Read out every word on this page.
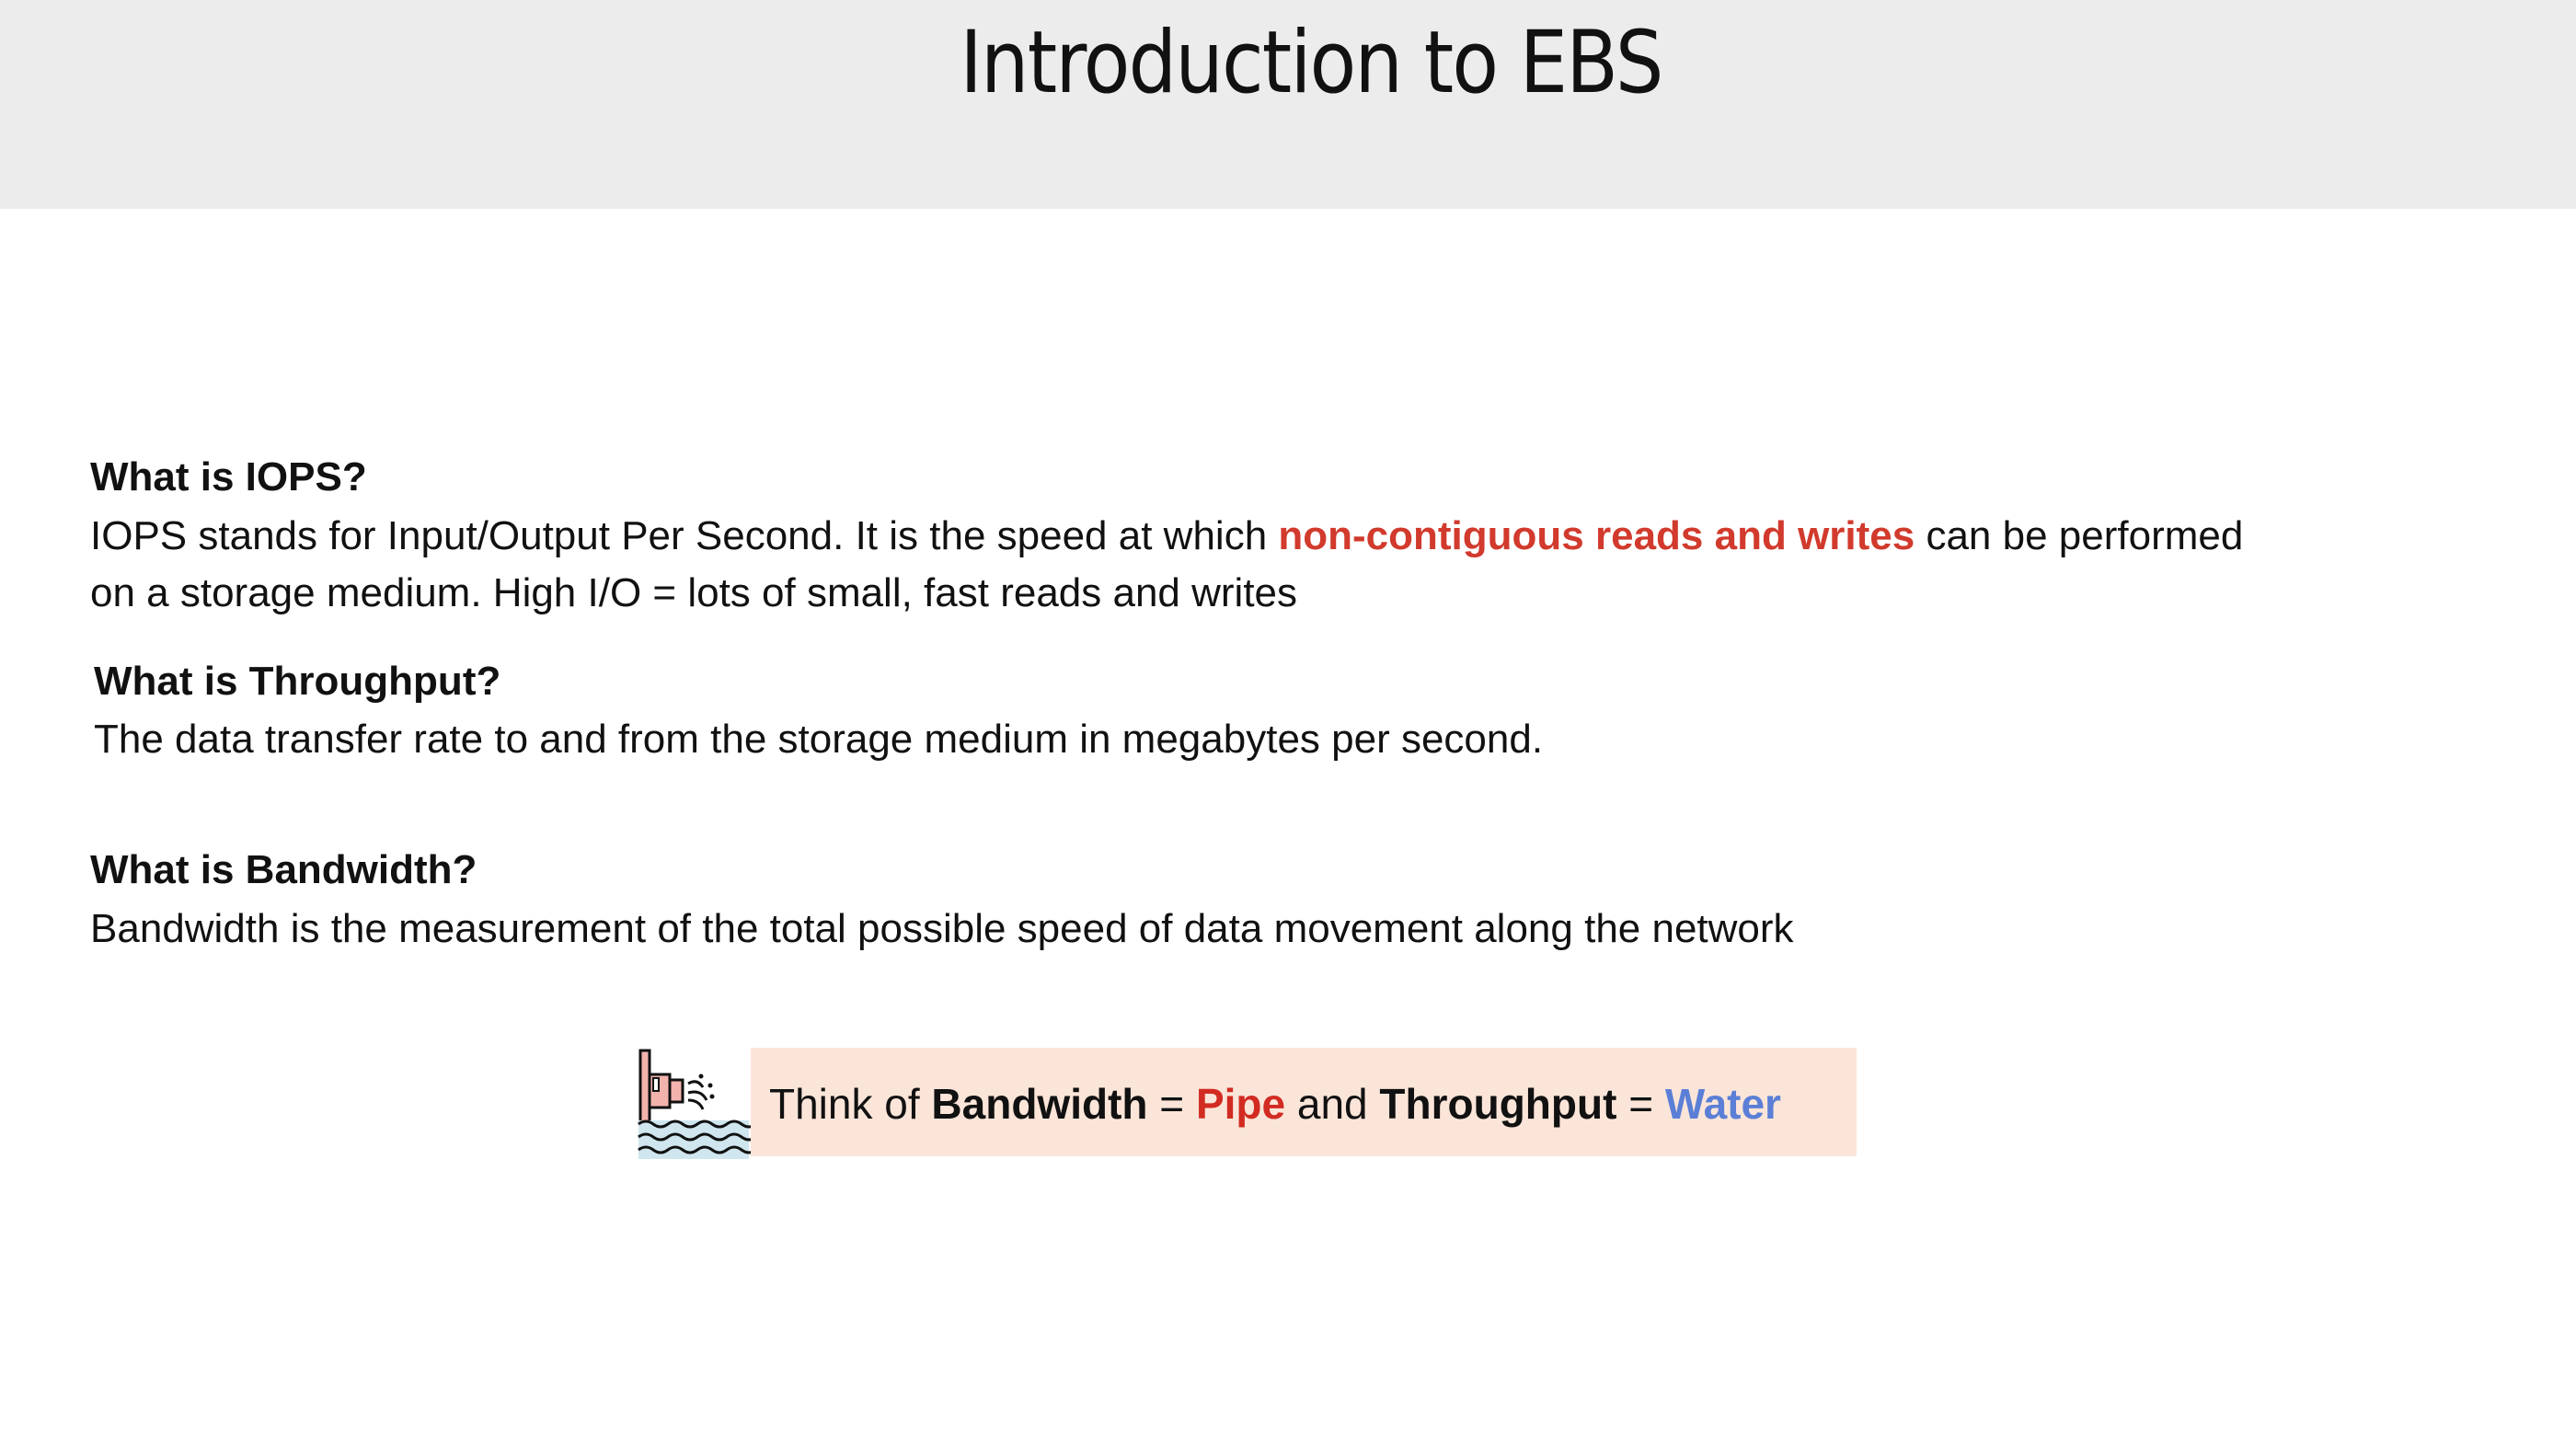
Introduction to EBS
What is IOPS?
IOPS stands for Input/Output Per Second. It is the speed at which non-contiguous reads and writes can be performed
on a storage medium. High I/O = lots of small, fast reads and writes
What is Throughput?
The data transfer rate to and from the storage medium in megabytes per second.
What is Bandwidth?
Bandwidth is the measurement of the total possible speed of data movement along the network
Think of Bandwidth = Pipe and Throughput = Water
